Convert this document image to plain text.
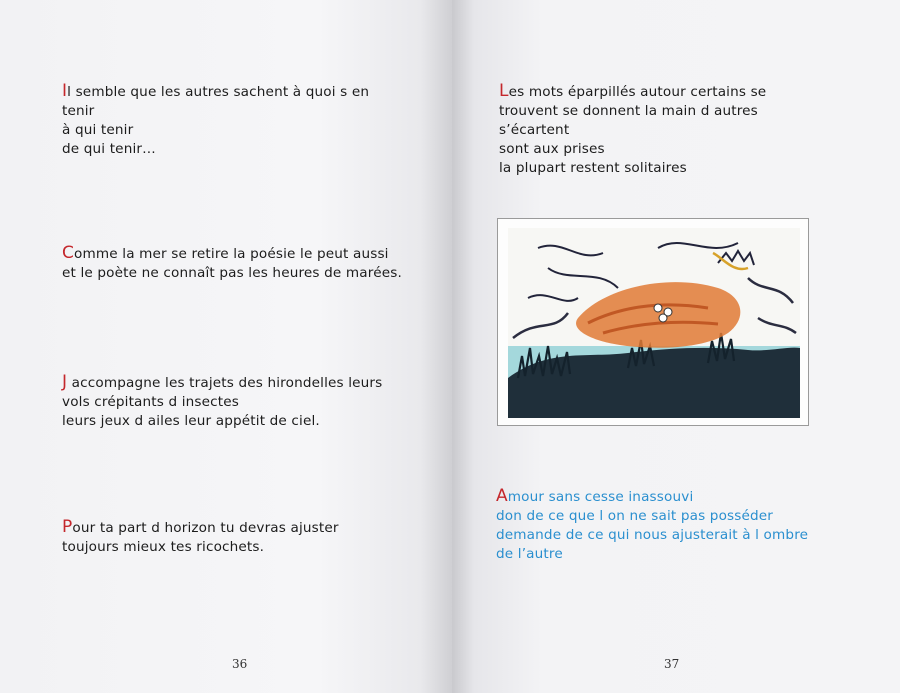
Il semble que les autres sachent à quoi s en
tenir
à qui tenir
de qui tenir…
Comme la mer se retire la poésie le peut aussi
et le poète ne connaît pas les heures de marées.
J accompagne les trajets des hirondelles leurs
vols crépitants d insectes
leurs jeux d ailes leur appétit de ciel.
Pour ta part d horizon tu devras ajuster
toujours mieux tes ricochets.
36
Les mots éparpillés autour certains se
trouvent se donnent la main d autres
s’écartent
sont aux prises
la plupart restent solitaires
Amour sans cesse inassouvi
don de ce que l on ne sait pas posséder
demande de ce qui nous ajusterait à l ombre
de l’autre
37
